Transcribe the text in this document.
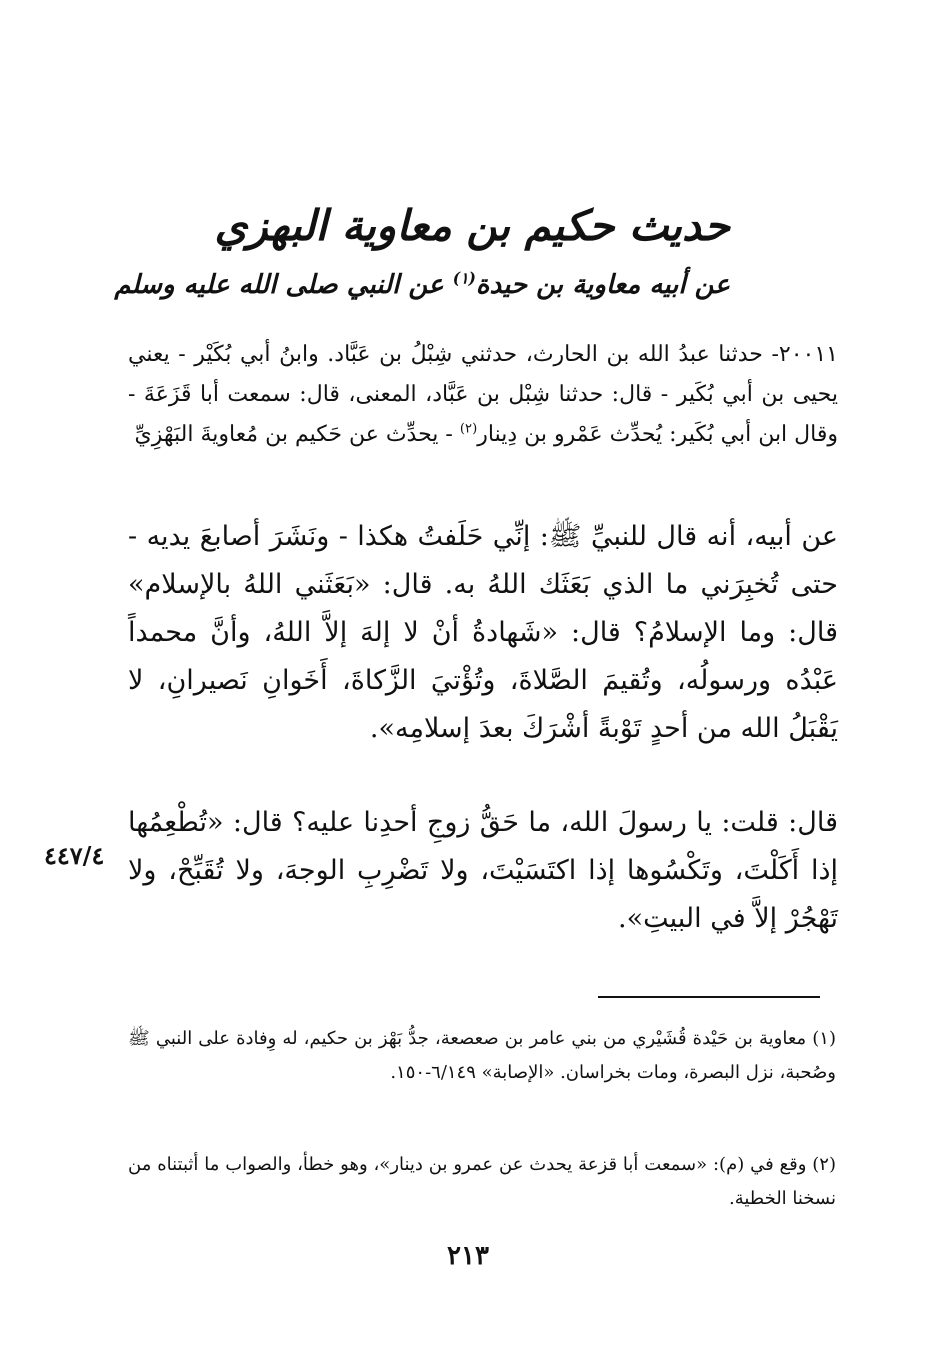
حديث حكيم بن معاوية البهزي
عن أبيه معاوية بن حيدة$^{(١)}$ عن النبي صلى الله عليه وسلم

٢٠٠١١- حدثنا عبدُ الله بن الحارث، حدثني شِبْلُ بن عَبَّاد. وابنُ أبي بُكَيْر - يعني يحيى بن أبي بُكَير - قال: حدثنا شِبْل بن عَبَّاد، المعنى، قال: سمعت أبا قَزَعَةَ - وقال ابن أبي بُكَير: يُحدِّث عَمْرو بن دِينار$^{(٢)}$ - يحدِّث عن حَكيم بن مُعاويةَ البَهْزِيِّ

عن أبيه، أنه قال للنبيِّ ﷺ: إنِّي حَلَفتُ هكذا - ونَشَرَ أصابعَ يديه - حتى تُخبِرَني ما الذي بَعَثَك اللهُ به. قال: «بَعَثَني اللهُ بالإسلام» قال: وما الإسلامُ؟ قال: «شَهادةُ أنْ لا إلهَ إلاَّ اللهُ، وأنَّ محمداً عَبْدُه ورسولُه، وتُقيمَ الصَّلاةَ، وتُؤْتيَ الزَّكاةَ، أَخَوانِ نَصيرانِ، لا يَقْبَلُ الله من أحدٍ تَوْبةً أشْرَكَ بعدَ إسلامِه».

قال: قلت: يا رسولَ الله، ما حَقُّ زوجِ أحدِنا عليه؟ قال: «تُطْعِمُها إذا أَكَلْتَ، وتَكْسُوها إذا اكتَسَيْتَ، ولا تَضْرِبِ الوجهَ، ولا تُقَبِّحْ، ولا تَهْجُرْ إلاَّ في البيتِ».

٤٤٧/٤

(١) معاوية بن حَيْدة قُشَيْري من بني عامر بن صعصعة، جدُّ بَهْز بن حكيم، له وِفادة على النبي ﷺ وصُحبة، نزل البصرة، ومات بخراسان. «الإصابة» ٦/١٤٩-١٥٠.

(٢) وقع في (م): «سمعت أبا قزعة يحدث عن عمرو بن دينار»، وهو خطأ، والصواب ما أثبتناه من نسخنا الخطية.

٢١٣
